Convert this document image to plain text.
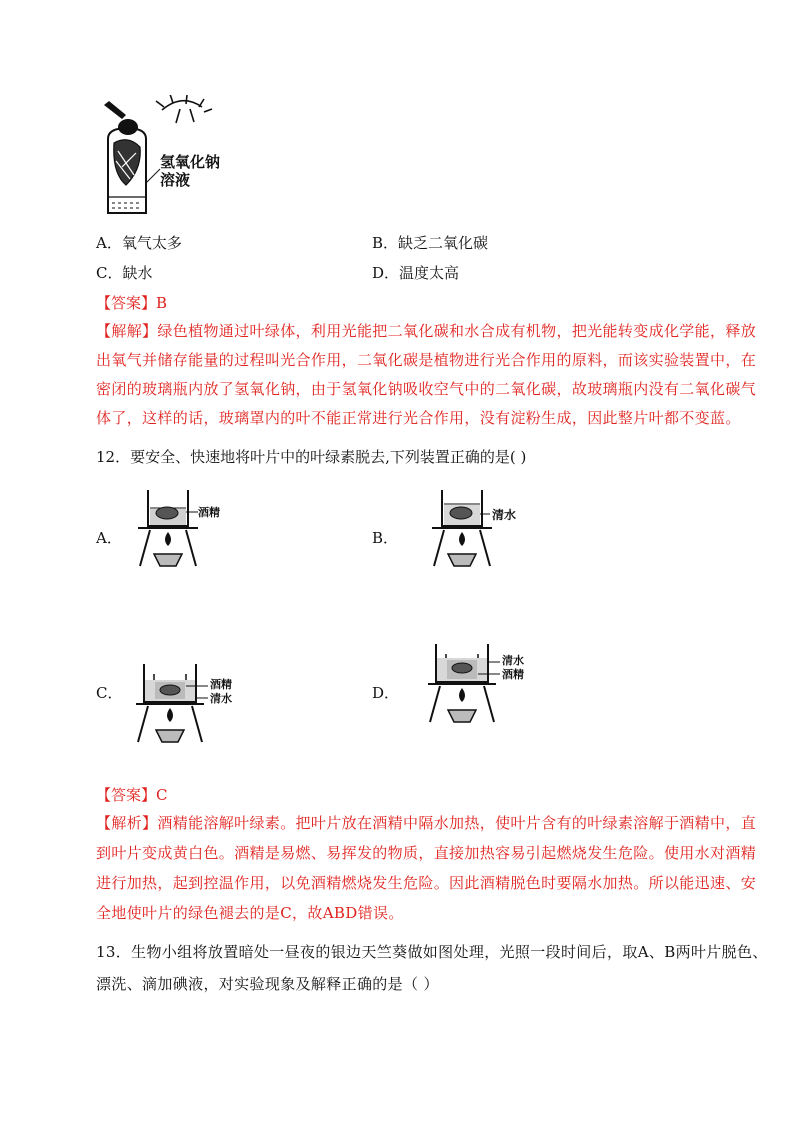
氢氧化钠
溶液
A．氧气太多	B．缺乏二氧化碳
C．缺水	D．温度太高
【答案】B

【解解】绿色植物通过叶绿体，利用光能把二氧化碳和水合成有机物，把光能转变成化学能，释放

出氧气并储存能量的过程叫光合作用，二氧化碳是植物进行光合作用的原料，而该实验装置中，在

密闭的玻璃瓶内放了氢氧化钠，由于氢氧化钠吸收空气中的二氧化碳，故玻璃瓶内没有二氧化碳气

体了，这样的话，玻璃罩内的叶不能正常进行光合作用，没有淀粉生成，因此整片叶都不变蓝。

12．要安全、快速地将叶片中的叶绿素脱去,下列装置正确的是( )
A．
酒精
B．
清水
C．	酒精
清水	D．
清水
酒精
【答案】C

【解析】酒精能溶解叶绿素。把叶片放在酒精中隔水加热，使叶片含有的叶绿素溶解于酒精中，直

到叶片变成黄白色。酒精是易燃、易挥发的物质，直接加热容易引起燃烧发生危险。使用水对酒精

进行加热，起到控温作用，以免酒精燃烧发生危险。因此酒精脱色时要隔水加热。所以能迅速、安

全地使叶片的绿色褪去的是C，故ABD错误。

13．生物小组将放置暗处一昼夜的银边天竺葵做如图处理，光照一段时间后，取A、B两叶片脱色、

漂洗、滴加碘液，对实验现象及解释正确的是（ ）
